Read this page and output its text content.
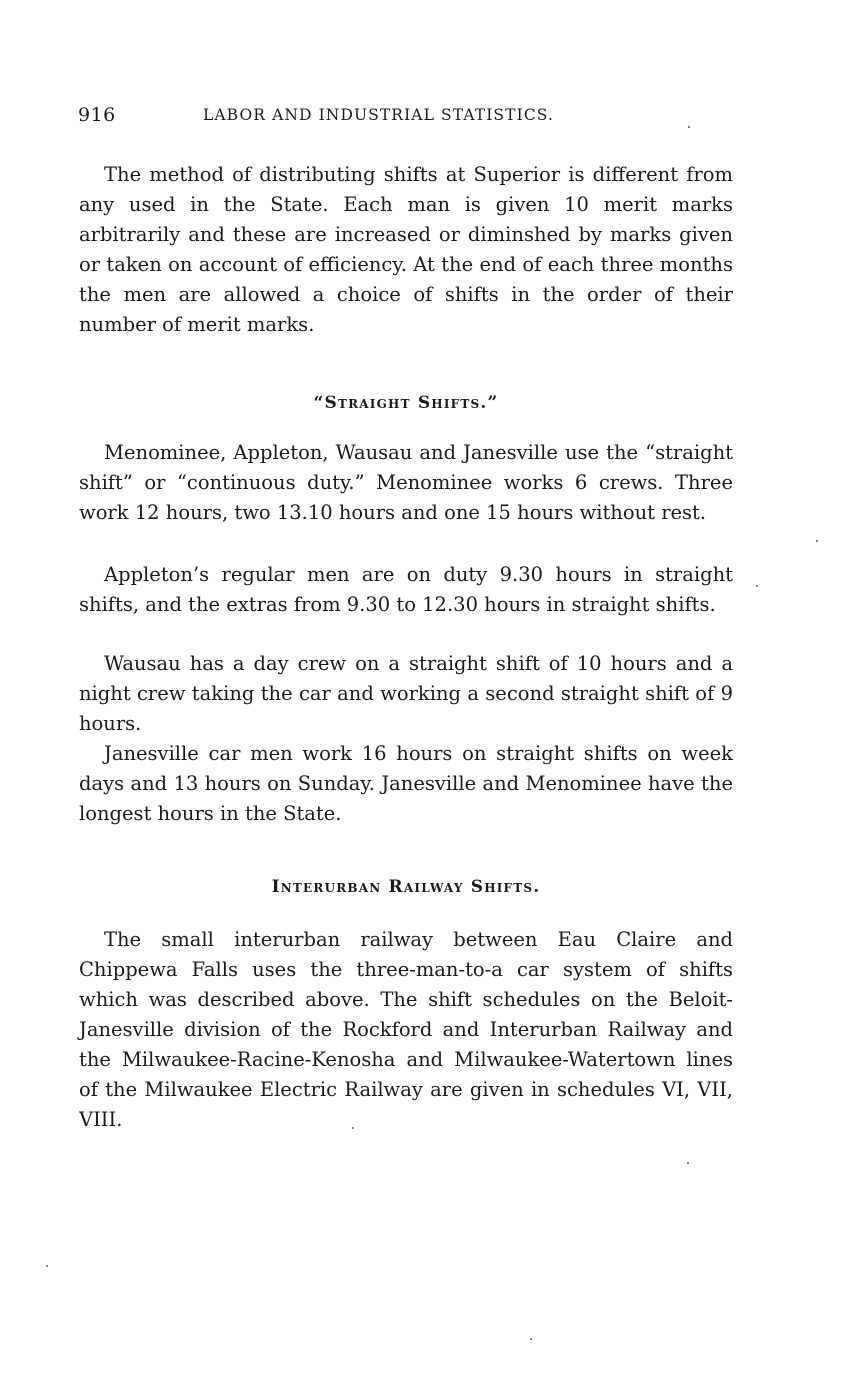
916	LABOR AND INDUSTRIAL STATISTICS.

The method of distributing shifts at Superior is different from any used in the State. Each man is given 10 merit marks arbitrarily and these are increased or diminshed by marks given or taken on account of efficiency. At the end of each three months the men are allowed a choice of shifts in the order of their number of merit marks.

“Straight Shifts.”

Menominee, Appleton, Wausau and Janesville use the “straight shift” or “continuous duty.” Menominee works 6 crews. Three work 12 hours, two 13.10 hours and one 15 hours without rest.

Appleton’s regular men are on duty 9.30 hours in straight shifts, and the extras from 9.30 to 12.30 hours in straight shifts.

Wausau has a day crew on a straight shift of 10 hours and a night crew taking the car and working a second straight shift of 9 hours.

Janesville car men work 16 hours on straight shifts on week days and 13 hours on Sunday. Janesville and Menominee have the longest hours in the State.

Interurban Railway Shifts.

The small interurban railway between Eau Claire and Chippewa Falls uses the three-man-to-a car system of shifts which was described above. The shift schedules on the Beloit-Janesville division of the Rockford and Interurban Railway and the Milwaukee-Racine-Kenosha and Milwaukee-Watertown lines of the Milwaukee Electric Railway are given in schedules VI, VII, VIII.
